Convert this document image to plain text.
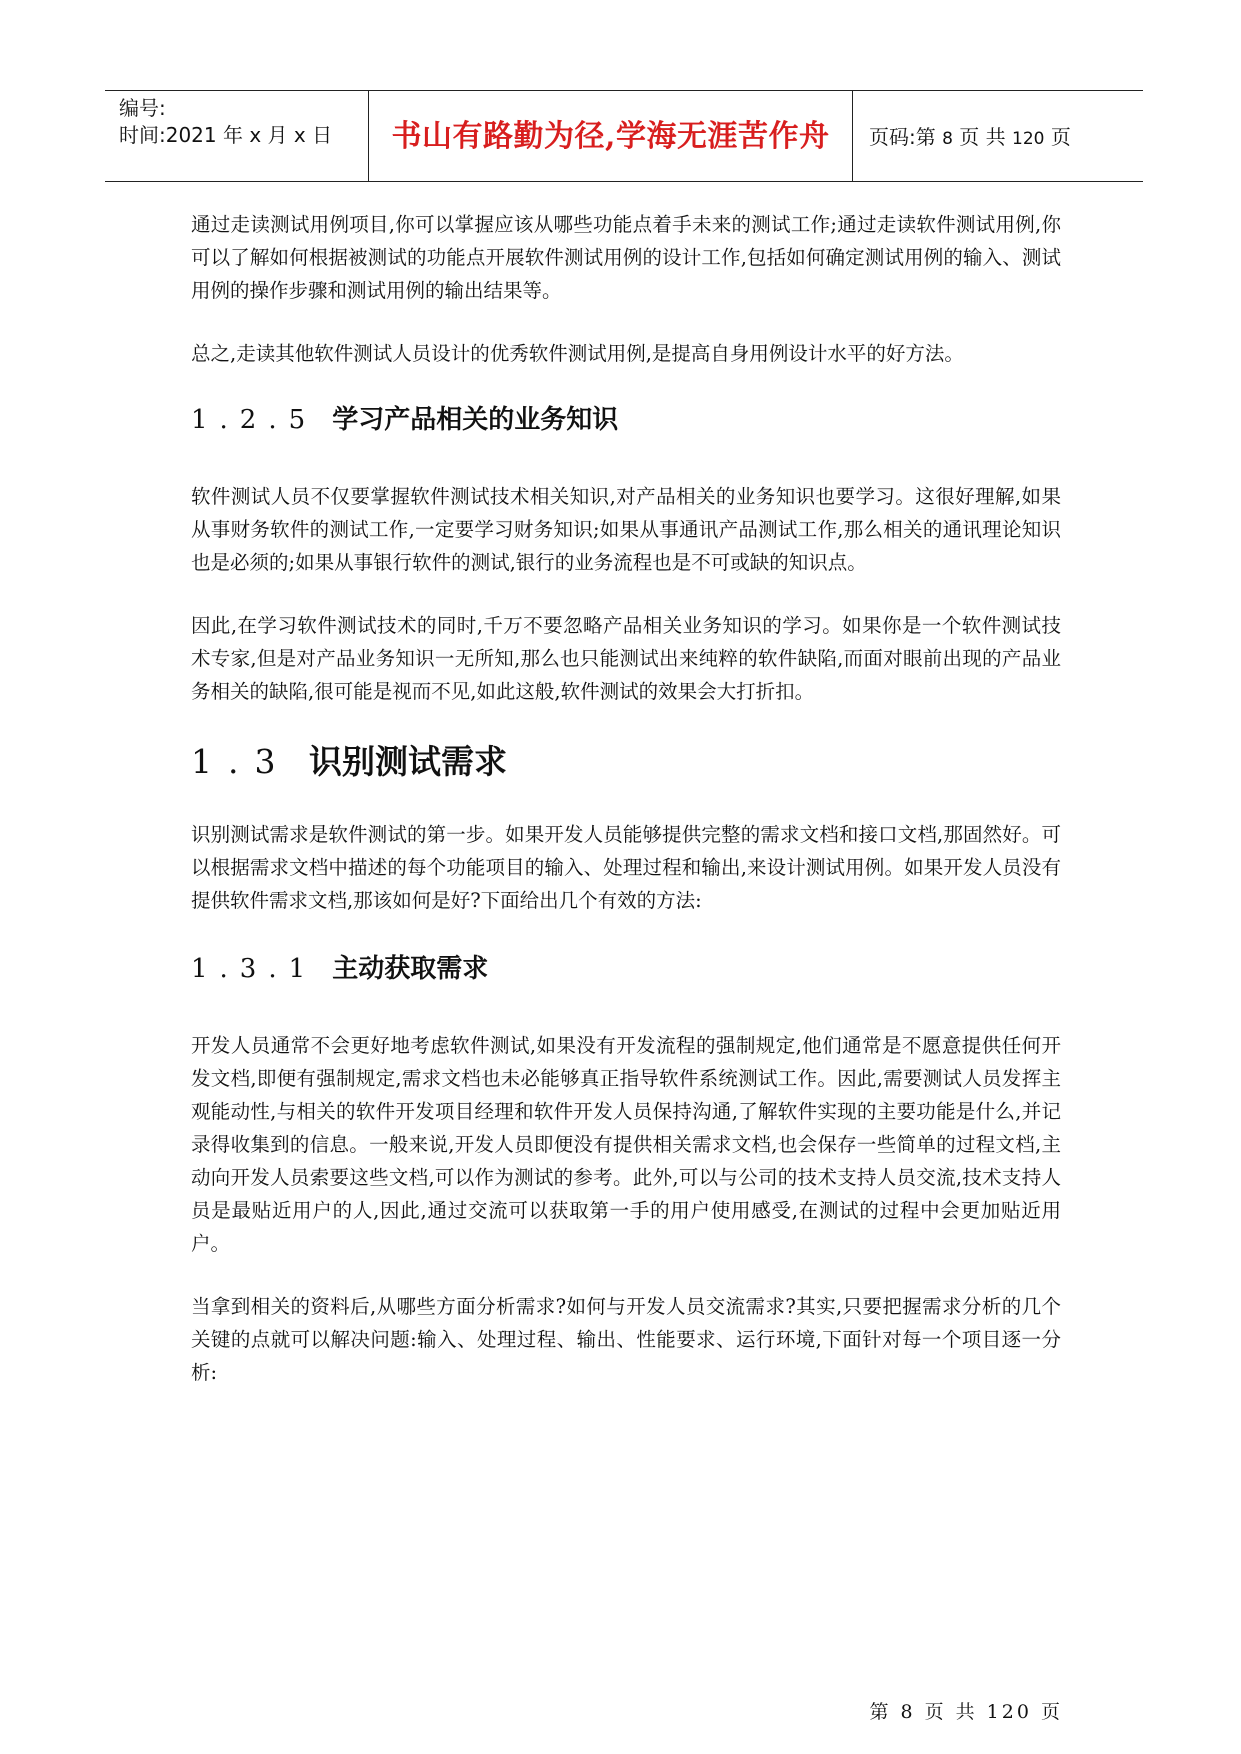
编号:
时间:2021 年 x 月 x 日	书山有路勤为径,学海无涯苦作舟	页码:第 8 页 共 120 页

通过走读测试用例项目,你可以掌握应该从哪些功能点着手未来的测试工作;通过走读软件测试用例,你可以了解如何根据被测试的功能点开展软件测试用例的设计工作,包括如何确定测试用例的输入、测试用例的操作步骤和测试用例的输出结果等。

总之,走读其他软件测试人员设计的优秀软件测试用例,是提高自身用例设计水平的好方法。

1.2.5 学习产品相关的业务知识

软件测试人员不仅要掌握软件测试技术相关知识,对产品相关的业务知识也要学习。这很好理解,如果从事财务软件的测试工作,一定要学习财务知识;如果从事通讯产品测试工作,那么相关的通讯理论知识也是必须的;如果从事银行软件的测试,银行的业务流程也是不可或缺的知识点。

因此,在学习软件测试技术的同时,千万不要忽略产品相关业务知识的学习。如果你是一个软件测试技术专家,但是对产品业务知识一无所知,那么也只能测试出来纯粹的软件缺陷,而面对眼前出现的产品业务相关的缺陷,很可能是视而不见,如此这般,软件测试的效果会大打折扣。

1.3 识别测试需求

识别测试需求是软件测试的第一步。如果开发人员能够提供完整的需求文档和接口文档,那固然好。可以根据需求文档中描述的每个功能项目的输入、处理过程和输出,来设计测试用例。如果开发人员没有提供软件需求文档,那该如何是好?下面给出几个有效的方法:

1.3.1 主动获取需求

开发人员通常不会更好地考虑软件测试,如果没有开发流程的强制规定,他们通常是不愿意提供任何开发文档,即便有强制规定,需求文档也未必能够真正指导软件系统测试工作。因此,需要测试人员发挥主观能动性,与相关的软件开发项目经理和软件开发人员保持沟通,了解软件实现的主要功能是什么,并记录得收集到的信息。一般来说,开发人员即便没有提供相关需求文档,也会保存一些简单的过程文档,主动向开发人员索要这些文档,可以作为测试的参考。此外,可以与公司的技术支持人员交流,技术支持人员是最贴近用户的人,因此,通过交流可以获取第一手的用户使用感受,在测试的过程中会更加贴近用户。

当拿到相关的资料后,从哪些方面分析需求?如何与开发人员交流需求?其实,只要把握需求分析的几个关键的点就可以解决问题:输入、处理过程、输出、性能要求、运行环境,下面针对每一个项目逐一分析:

第 8 页 共 120 页
